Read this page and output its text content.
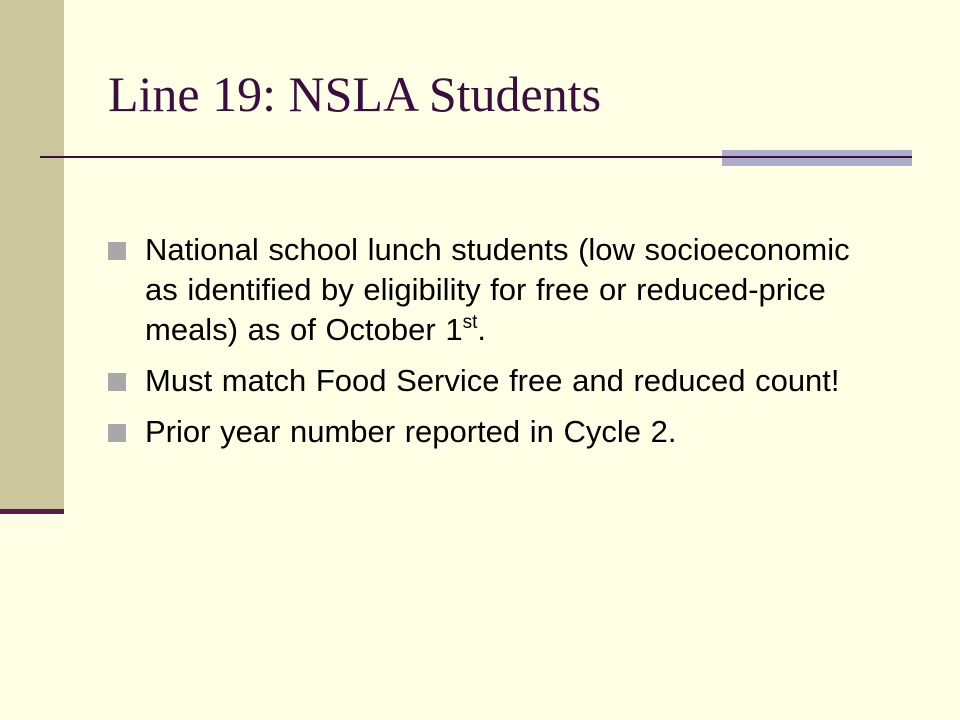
Line 19: NSLA Students
National school lunch students (low socioeconomic as identified by eligibility for free or reduced-price meals) as of October 1st.
Must match Food Service free and reduced count!
Prior year number reported in Cycle 2.
